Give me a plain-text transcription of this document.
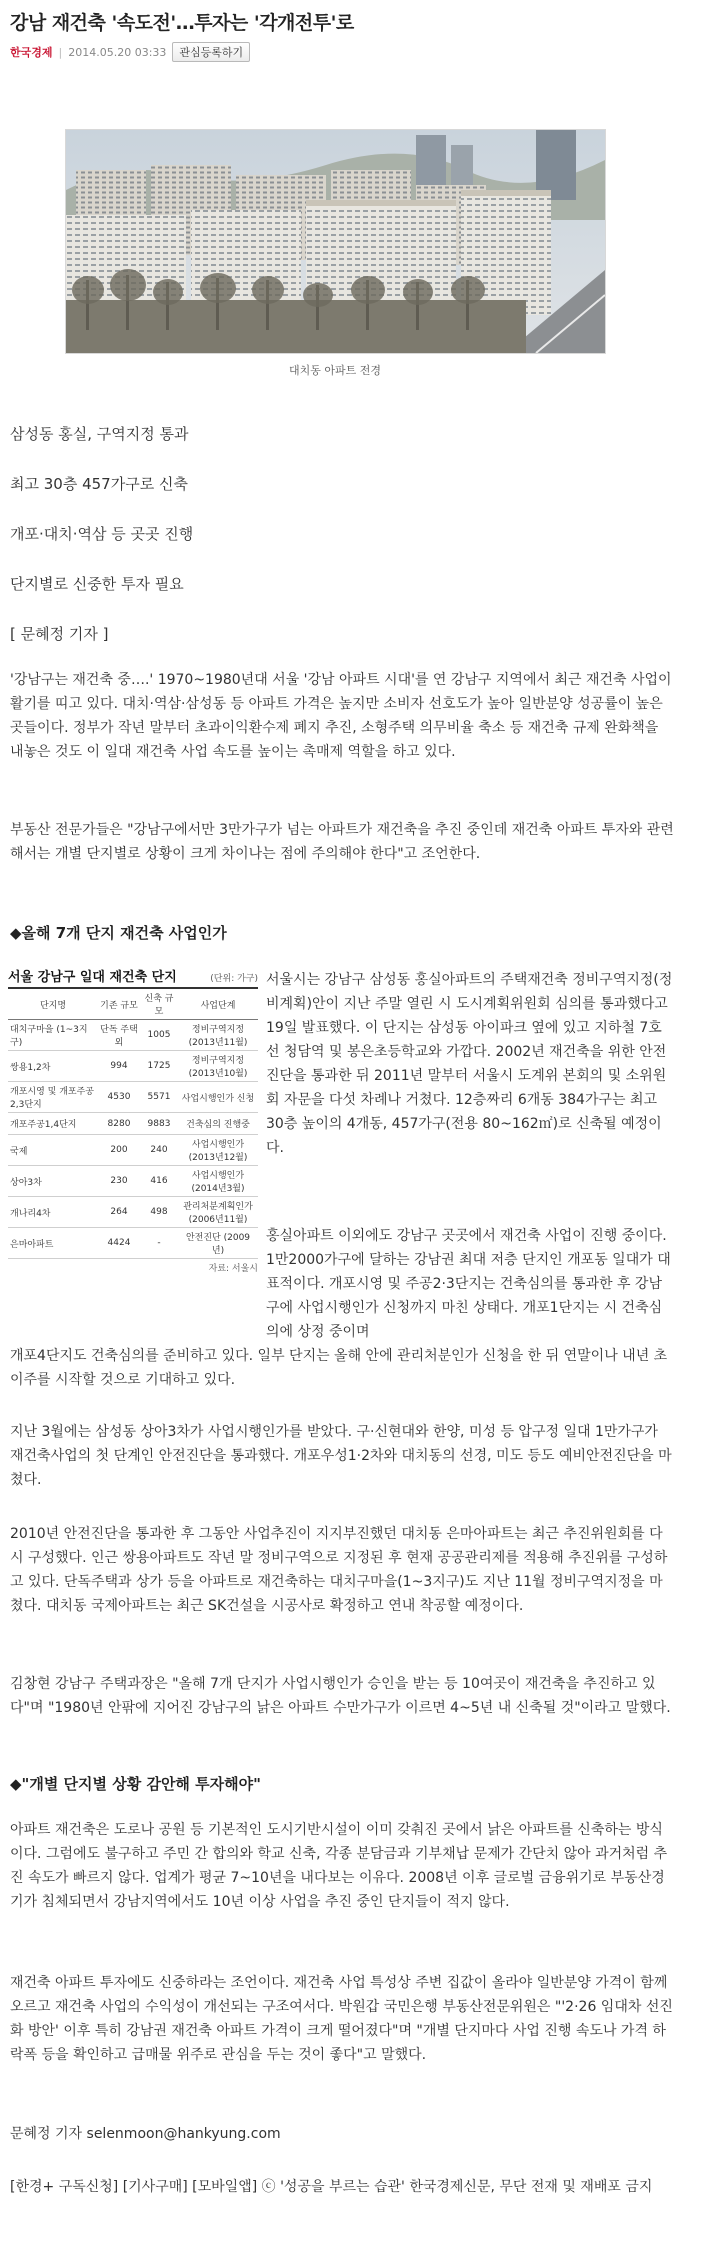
강남 재건축 '속도전'…투자는 '각개전투'로
한국경제 | 2014.05.20 03:33	관심등록하기
대치동 아파트 전경
삼성동 홍실, 구역지정 통과
최고 30층 457가구로 신축
개포·대치·역삼 등 곳곳 진행
단지별로 신중한 투자 필요
[ 문혜정 기자 ]

'강남구는 재건축 중….' 1970~1980년대 서울 '강남 아파트 시대'를 연 강남구 지역에서 최근 재건축 사업이 활기를 띠고 있다. 대치·역삼·삼성동 등 아파트 가격은 높지만 소비자 선호도가 높아 일반분양 성공률이 높은 곳들이다. 정부가 작년 말부터 초과이익환수제 폐지 추진, 소형주택 의무비율 축소 등 재건축 규제 완화책을 내놓은 것도 이 일대 재건축 사업 속도를 높이는 촉매제 역할을 하고 있다.

부동산 전문가들은 "강남구에서만 3만가구가 넘는 아파트가 재건축을 추진 중인데 재건축 아파트 투자와 관련해서는 개별 단지별로 상황이 크게 차이나는 점에 주의해야 한다"고 조언한다.

◆올해 7개 단지 재건축 사업인가
서울 강남구 일대 재건축 단지	(단위: 가구)
단지명	기존 규모	신축 규모	사업단계
대치구마을 (1~3지구)	단독 주택외	1005	정비구역지정 (2013년11월)
쌍용1,2차	994	1725	정비구역지정 (2013년10월)
개포시영 및 개포주공2,3단지	4530	5571	사업시행인가 신청
개포주공1,4단지	8280	9883	건축심의 진행중
국제	200	240	사업시행인가 (2013년12월)
상아3차	230	416	사업시행인가 (2014년3월)
개나리4차	264	498	관리처분계획인가 (2006년11월)
은마아파트	4424	-	안전진단 (2009년)
자료: 서울시

서울시는 강남구 삼성동 홍실아파트의 주택재건축 정비구역지정(정비계획)안이 지난 주말 열린 시 도시계획위원회 심의를 통과했다고 19일 발표했다. 이 단지는 삼성동 아이파크 옆에 있고 지하철 7호선 청담역 및 봉은초등학교와 가깝다. 2002년 재건축을 위한 안전진단을 통과한 뒤 2011년 말부터 서울시 도계위 본회의 및 소위원회 자문을 다섯 차례나 거쳤다. 12층짜리 6개동 384가구는 최고 30층 높이의 4개동, 457가구(전용 80~162㎡)로 신축될 예정이다.

홍실아파트 이외에도 강남구 곳곳에서 재건축 사업이 진행 중이다. 1만2000가구에 달하는 강남권 최대 저층 단지인 개포동 일대가 대표적이다. 개포시영 및 주공2·3단지는 건축심의를 통과한 후 강남구에 사업시행인가 신청까지 마친 상태다. 개포1단지는 시 건축심의에 상정 중이며

개포4단지도 건축심의를 준비하고 있다. 일부 단지는 올해 안에 관리처분인가 신청을 한 뒤 연말이나 내년 초 이주를 시작할 것으로 기대하고 있다.

지난 3월에는 삼성동 상아3차가 사업시행인가를 받았다. 구·신현대와 한양, 미성 등 압구정 일대 1만가구가 재건축사업의 첫 단계인 안전진단을 통과했다. 개포우성1·2차와 대치동의 선경, 미도 등도 예비안전진단을 마쳤다.

2010년 안전진단을 통과한 후 그동안 사업추진이 지지부진했던 대치동 은마아파트는 최근 추진위원회를 다시 구성했다. 인근 쌍용아파트도 작년 말 정비구역으로 지정된 후 현재 공공관리제를 적용해 추진위를 구성하고 있다. 단독주택과 상가 등을 아파트로 재건축하는 대치구마을(1~3지구)도 지난 11월 정비구역지정을 마쳤다. 대치동 국제아파트는 최근 SK건설을 시공사로 확정하고 연내 착공할 예정이다.

김창현 강남구 주택과장은 "올해 7개 단지가 사업시행인가 승인을 받는 등 10여곳이 재건축을 추진하고 있다"며 "1980년 안팎에 지어진 강남구의 낡은 아파트 수만가구가 이르면 4~5년 내 신축될 것"이라고 말했다.

◆"개별 단지별 상황 감안해 투자해야"

아파트 재건축은 도로나 공원 등 기본적인 도시기반시설이 이미 갖춰진 곳에서 낡은 아파트를 신축하는 방식이다. 그럼에도 불구하고 주민 간 합의와 학교 신축, 각종 분담금과 기부채납 문제가 간단치 않아 과거처럼 추진 속도가 빠르지 않다. 업계가 평균 7~10년을 내다보는 이유다. 2008년 이후 글로벌 금융위기로 부동산경기가 침체되면서 강남지역에서도 10년 이상 사업을 추진 중인 단지들이 적지 않다.

재건축 아파트 투자에도 신중하라는 조언이다. 재건축 사업 특성상 주변 집값이 올라야 일반분양 가격이 함께 오르고 재건축 사업의 수익성이 개선되는 구조여서다. 박원갑 국민은행 부동산전문위원은 "'2·26 임대차 선진화 방안' 이후 특히 강남권 재건축 아파트 가격이 크게 떨어졌다"며 "개별 단지마다 사업 진행 속도나 가격 하락폭 등을 확인하고 급매물 위주로 관심을 두는 것이 좋다"고 말했다.

문혜정 기자 selenmoon@hankyung.com

[한경+ 구독신청] [기사구매] [모바일앱] ⓒ '성공을 부르는 습관' 한국경제신문, 무단 전재 및 재배포 금지
